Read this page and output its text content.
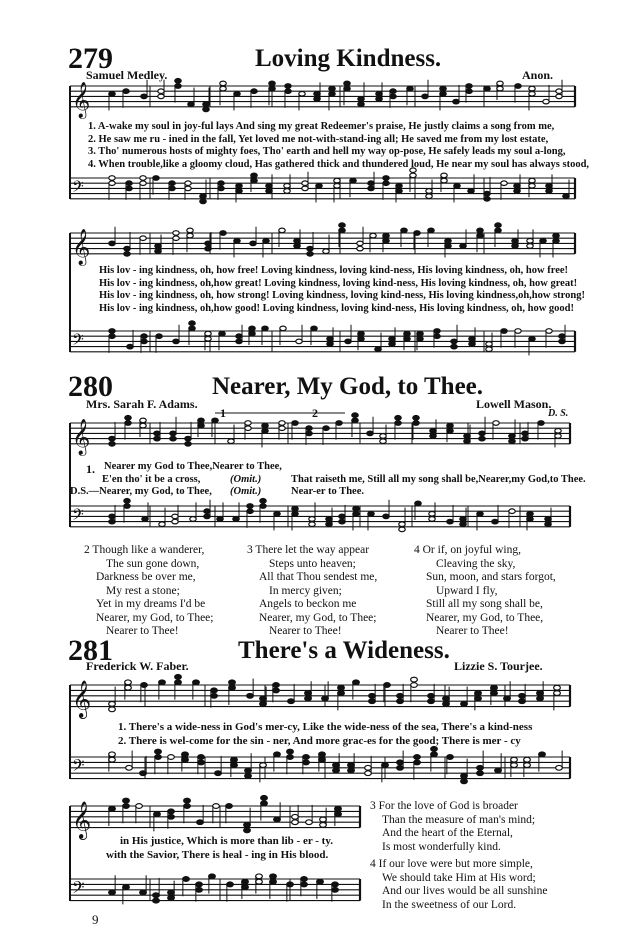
𝄞
𝄢
𝄞
𝄢
𝄞
𝄢
𝄞
𝄢
𝄞
𝄢
279	Loving Kindness.
Samuel Medley.	Anon.
1. A-wake my soul in joy-ful lays And sing my great Redeemer's praise, He justly claims a song from me,
2. He saw me ru - ined in the fall, Yet loved me not-with-stand-ing all; He saved me from my lost estate,
3. Tho' numerous hosts of mighty foes, Tho' earth and hell my way op-pose, He safely leads my soul a-long,
4. When trouble,like a gloomy cloud, Has gathered thick and thundered loud, He near my soul has always stood,
His lov - ing kindness, oh, how free! Loving kindness, loving kind-ness, His loving kindness, oh, how free!
His lov - ing kindness, oh,how great! Loving kindness, loving kind-ness, His loving kindness, oh, how great!
His lov - ing kindness, oh, how strong! Loving kindness, loving kind-ness, His loving kindness,oh,how strong!
His lov - ing kindness, oh,how good! Loving kindness, loving kind-ness, His loving kindness, oh, how good!
280	Nearer, My God, to Thee.
Mrs. Sarah F. Adams.	Lowell Mason.
1	2	D. S.
1. Nearer my God to Thee,Nearer to Thee,
E'en tho' it be a cross,	(Omit.)	That raiseth me, Still all my song shall be,Nearer,my God,to Thee.
D.S.—Nearer, my God, to Thee, (Omit.)	Near-er to Thee.
2 Though like a wanderer,
The sun gone down,
Darkness be over me,
My rest a stone;
Yet in my dreams I'd be
Nearer, my God, to Thee;
Nearer to Thee!
3 There let the way appear
Steps unto heaven;
All that Thou sendest me,
In mercy given;
Angels to beckon me
Nearer, my God, to Thee;
Nearer to Thee!
4 Or if, on joyful wing,
Cleaving the sky,
Sun, moon, and stars forgot,
Upward I fly,
Still all my song shall be,
Nearer, my God, to Thee,
Nearer to Thee!
281	There's a Wideness.
Frederick W. Faber.	Lizzie S. Tourjee.
1. There's a wide-ness in God's mer-cy, Like the wide-ness of the sea, There's a kind-ness
2. There is wel-come for the sin - ner, And more grac-es for the good; There is mer - cy
in His justice, Which is more than lib - er - ty.
with the Savior, There is heal - ing in His blood.
3 For the love of God is broader
Than the measure of man's mind;
And the heart of the Eternal,
Is most wonderfully kind.
4 If our love were but more simple,
We should take Him at His word;
And our lives would be all sunshine
In the sweetness of our Lord.
9
